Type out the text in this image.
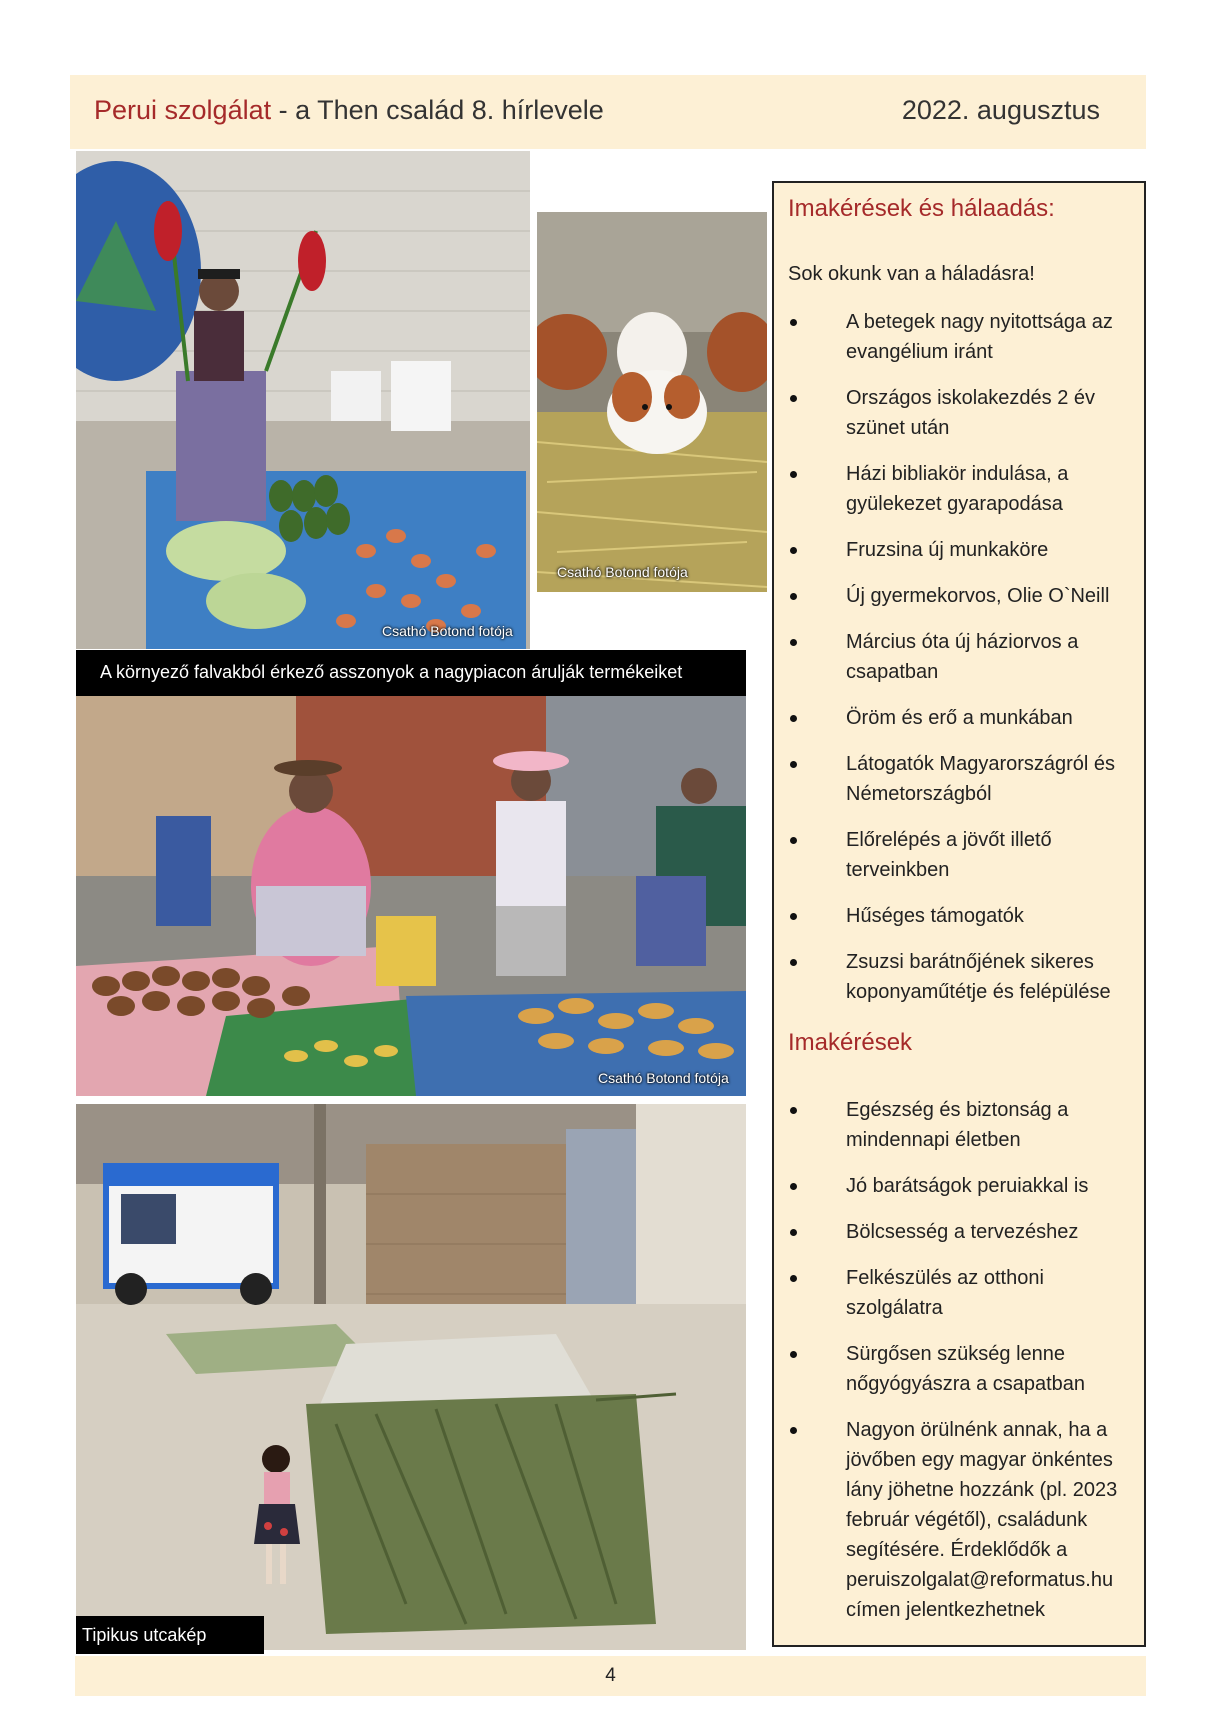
Perui szolgálat - a Then család 8. hírlevele	2022. augusztus
Csathó Botond fotója
Csathó Botond fotója
A környező falvakból érkező asszonyok a nagypiacon árulják termékeiket
Csathó Botond fotója
Tipikus utcakép
Imakérések és hálaadás:
Sok okunk van a háladásra!
A betegek nagy nyitottsága az evangélium iránt
Országos iskolakezdés 2 év szünet után
Házi bibliakör indulása, a gyülekezet gyarapodása
Fruzsina új munkaköre
Új gyermekorvos, Olie O`Neill
Március óta új háziorvos a csapatban
Öröm és erő a munkában
Látogatók Magyarországról és Németországból
Előrelépés a jövőt illető terveinkben
Hűséges támogatók
Zsuzsi barátnőjének sikeres koponyaműtétje és felépülése
Imakérések
Egészség és biztonság a mindennapi életben
Jó barátságok peruiakkal is
Bölcsesség a tervezéshez
Felkészülés az otthoni szolgálatra
Sürgősen szükség lenne nőgyógyászra a csapatban
Nagyon örülnénk annak, ha a jövőben egy magyar önkéntes lány jöhetne hozzánk (pl. 2023 február végétől), családunk segítésére. Érdeklődők a peruiszolgalat@reformatus.hu címen jelentkezhetnek
4
